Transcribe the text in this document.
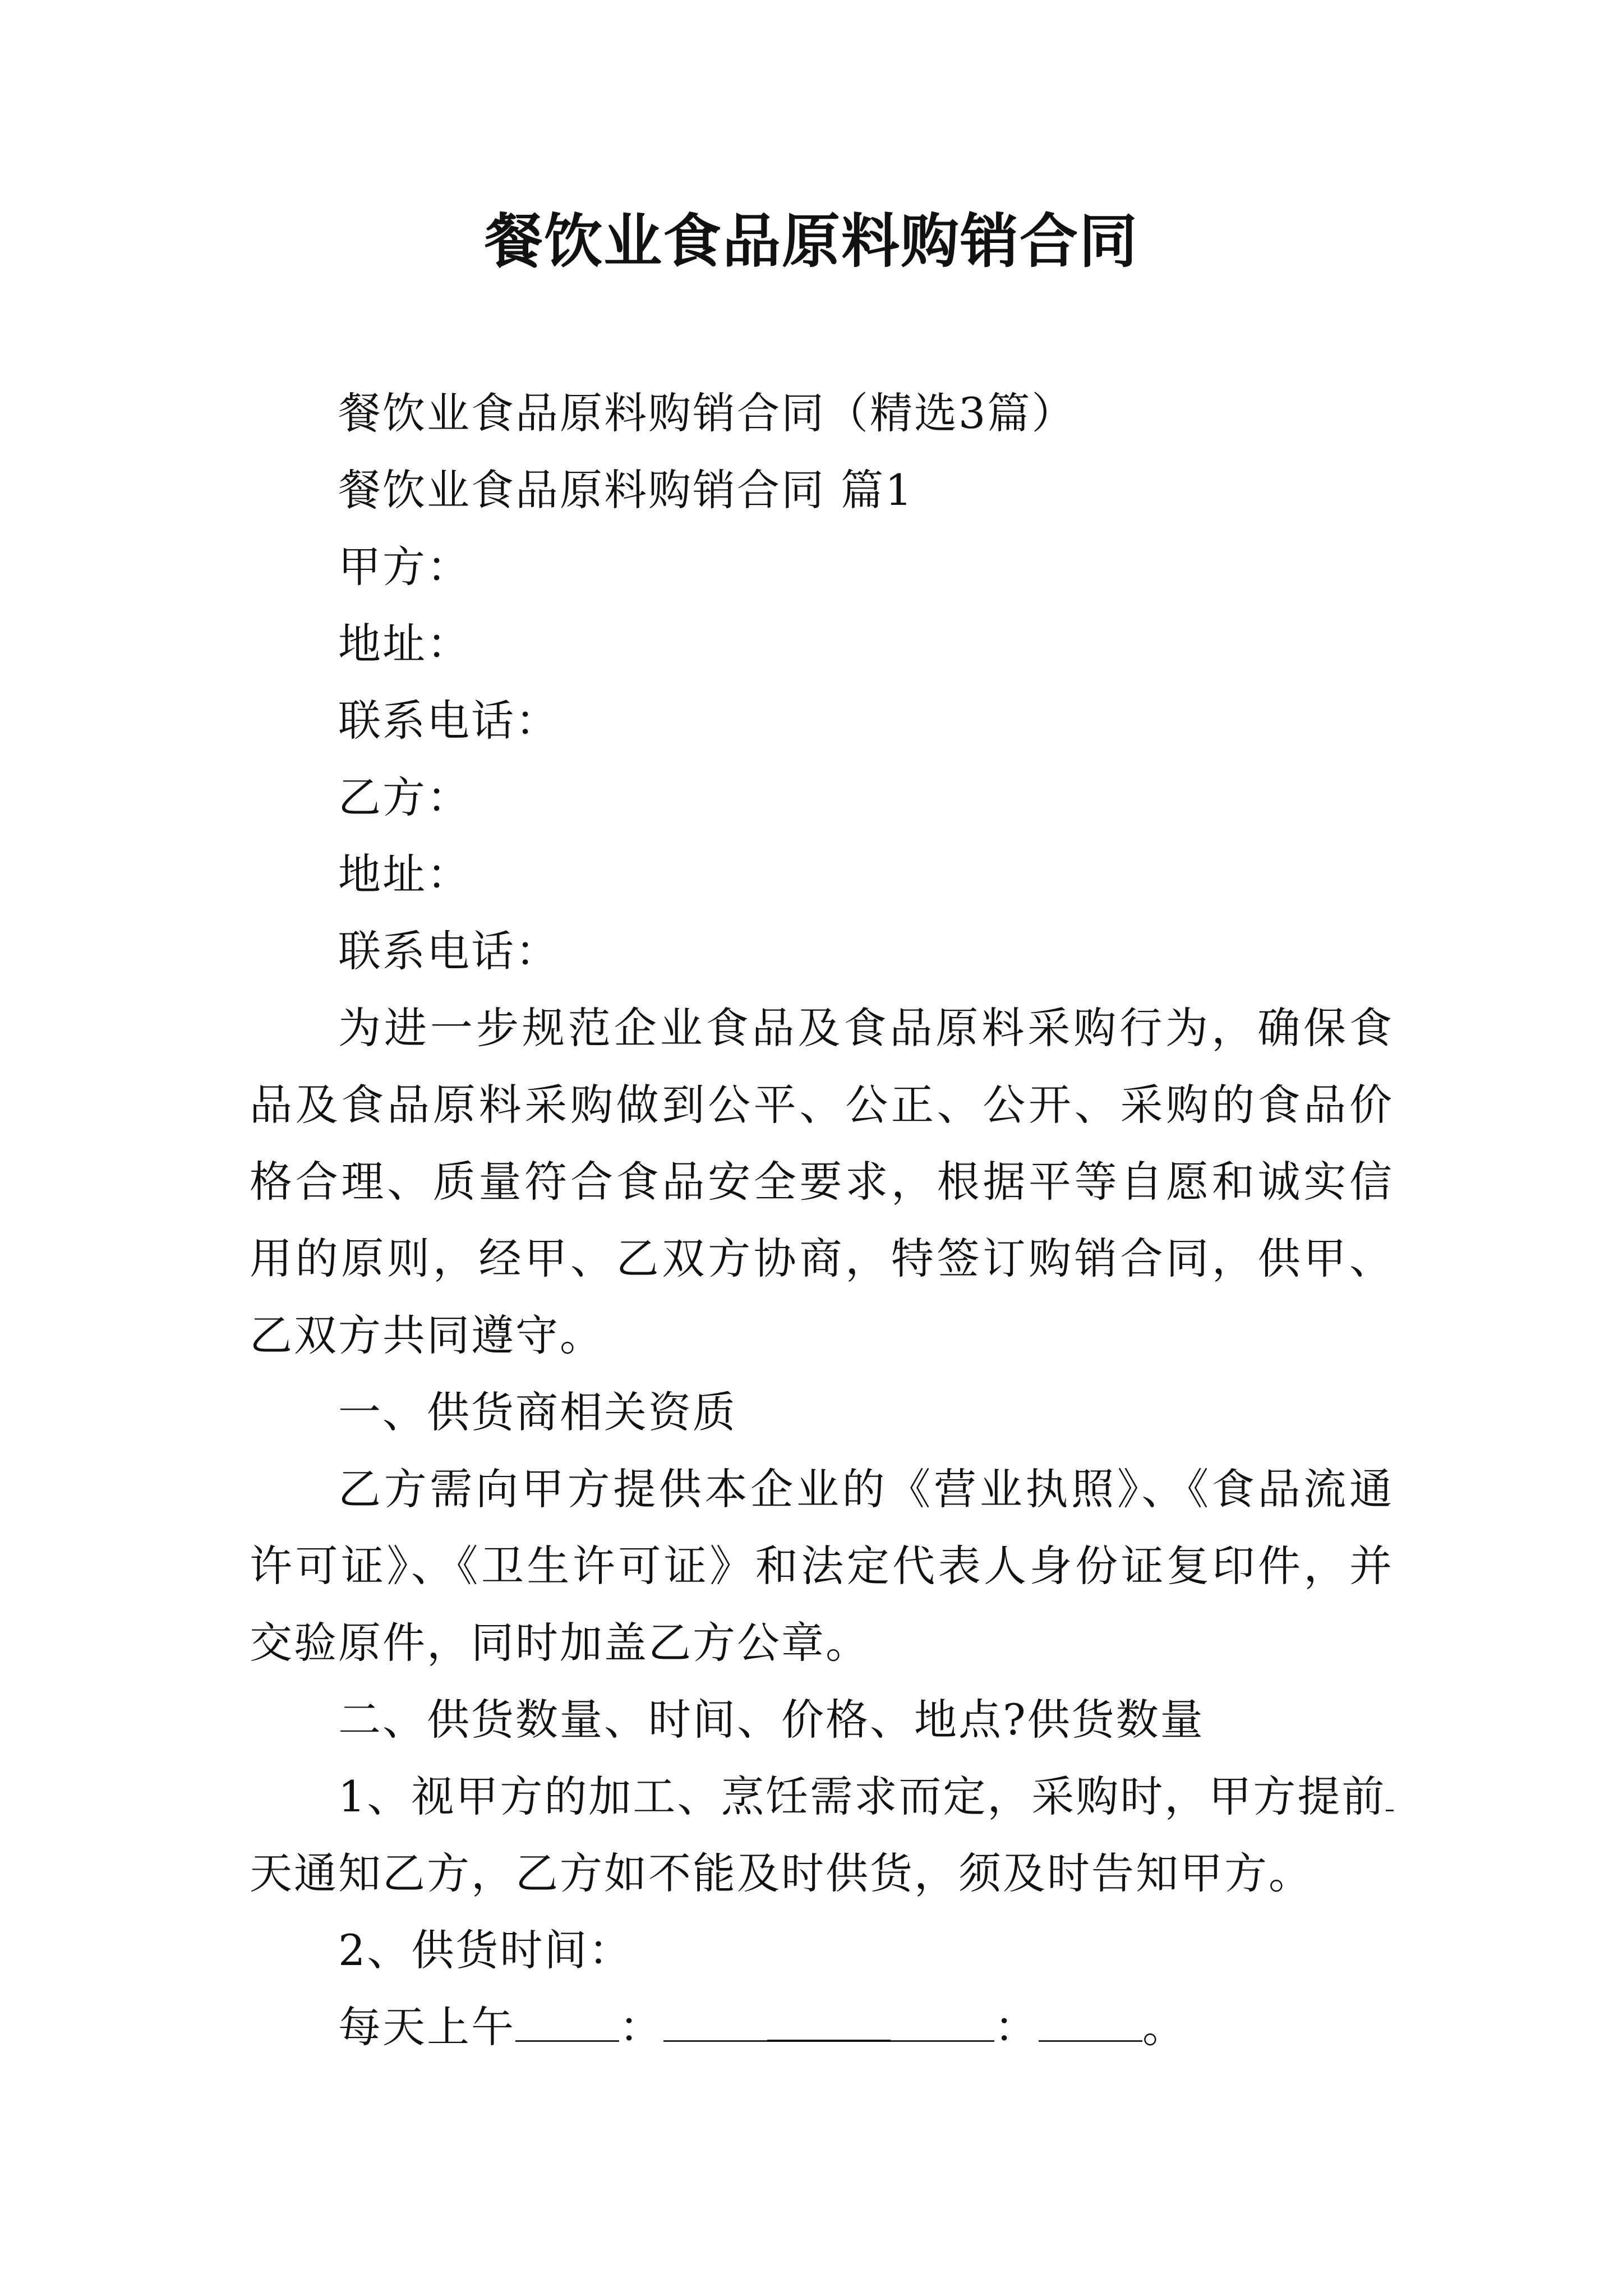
餐饮业食品原料购销合同
餐饮业食品原料购销合同（精选3篇）
餐饮业食品原料购销合同 篇1
甲方：
地址：
联系电话：
乙方：
地址：
联系电话：
为进一步规范企业食品及食品原料采购行为，确保食品及食品原料采购做到公平、公正、公开、采购的食品价格合理、质量符合食品安全要求，根据平等自愿和诚实信用的原则，经甲、乙双方协商，特签订购销合同，供甲、乙双方共同遵守。
一、供货商相关资质
乙方需向甲方提供本企业的《营业执照》、《食品流通许可证》、《卫生许可证》和法定代表人身份证复印件，并交验原件，同时加盖乙方公章。
二、供货数量、时间、价格、地点?供货数量
1、视甲方的加工、烹饪需求而定，采购时，甲方提前
天通知乙方，乙方如不能及时供货，须及时告知甲方。
2、供货时间：
每天上午 ：	： 。
